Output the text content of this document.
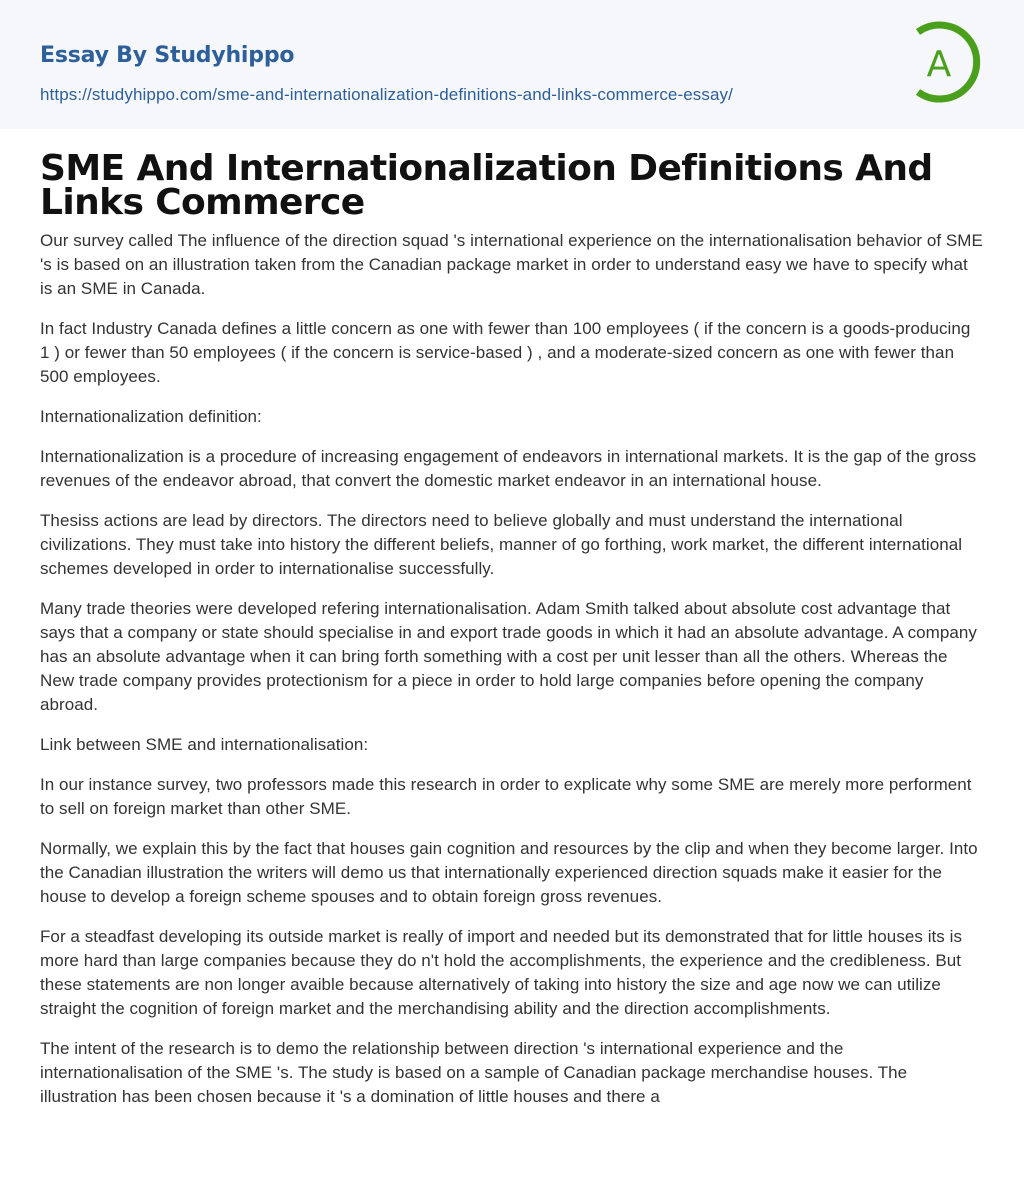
Essay By Studyhippo
https://studyhippo.com/sme-and-internationalization-definitions-and-links-commerce-essay/
A
SME And Internationalization Definitions And Links Commerce

Our survey called The influence of the direction squad 's international experience on the internationalisation behavior of SME 's is based on an illustration taken from the Canadian package market in order to understand easy we have to specify what is an SME in Canada.

In fact Industry Canada defines a little concern as one with fewer than 100 employees ( if the concern is a goods-producing 1 ) or fewer than 50 employees ( if the concern is service-based ) , and a moderate-sized concern as one with fewer than 500 employees.

Internationalization definition:

Internationalization is a procedure of increasing engagement of endeavors in international markets. It is the gap of the gross revenues of the endeavor abroad, that convert the domestic market endeavor in an international house.

Thesiss actions are lead by directors. The directors need to believe globally and must understand the international civilizations. They must take into history the different beliefs, manner of go forthing, work market, the different international schemes developed in order to internationalise successfully.

Many trade theories were developed refering internationalisation. Adam Smith talked about absolute cost advantage that says that a company or state should specialise in and export trade goods in which it had an absolute advantage. A company has an absolute advantage when it can bring forth something with a cost per unit lesser than all the others. Whereas the New trade company provides protectionism for a piece in order to hold large companies before opening the company abroad.

Link between SME and internationalisation:

In our instance survey, two professors made this research in order to explicate why some SME are merely more performent to sell on foreign market than other SME.

Normally, we explain this by the fact that houses gain cognition and resources by the clip and when they become larger. Into the Canadian illustration the writers will demo us that internationally experienced direction squads make it easier for the house to develop a foreign scheme spouses and to obtain foreign gross revenues.

For a steadfast developing its outside market is really of import and needed but its demonstrated that for little houses its is more hard than large companies because they do n't hold the accomplishments, the experience and the credibleness. But these statements are non longer avaible because alternatively of taking into history the size and age now we can utilize straight the cognition of foreign market and the merchandising ability and the direction accomplishments.

The intent of the research is to demo the relationship between direction 's international experience and the internationalisation of the SME 's. The study is based on a sample of Canadian package merchandise houses. The illustration has been chosen because it 's a domination of little houses and there a
